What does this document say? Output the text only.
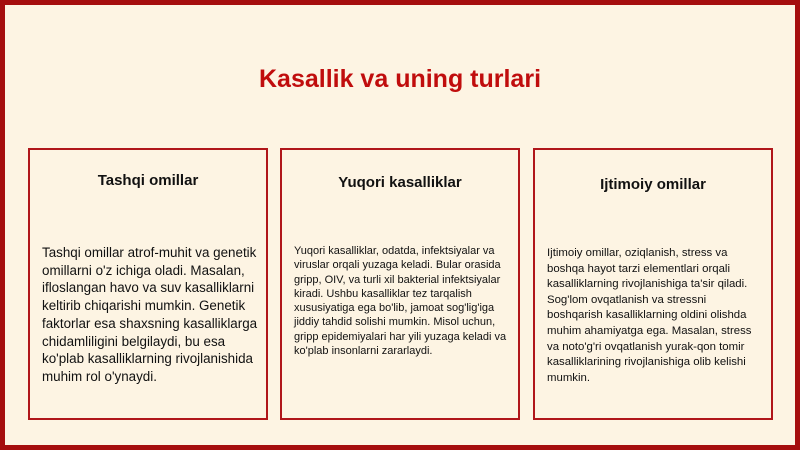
Kasallik va uning turlari
Tashqi omillar
Tashqi omillar atrof-muhit va genetik omillarni o'z ichiga oladi. Masalan, ifloslangan havo va suv kasalliklarni keltirib chiqarishi mumkin. Genetik faktorlar esa shaxsning kasalliklarga chidamliligini belgilaydi, bu esa ko'plab kasalliklarning rivojlanishida muhim rol o'ynaydi.
Yuqori kasalliklar
Yuqori kasalliklar, odatda, infektsiyalar va viruslar orqali yuzaga keladi. Bular orasida gripp, OIV, va turli xil bakterial infektsiyalar kiradi. Ushbu kasalliklar tez tarqalish xususiyatiga ega bo'lib, jamoat sog'lig'iga jiddiy tahdid solishi mumkin. Misol uchun, gripp epidemiyalari har yili yuzaga keladi va ko'plab insonlarni zararlaydi.
Ijtimoiy omillar
Ijtimoiy omillar, oziqlanish, stress va boshqa hayot tarzi elementlari orqali kasalliklarning rivojlanishiga ta'sir qiladi. Sog'lom ovqatlanish va stressni boshqarish kasalliklarning oldini olishda muhim ahamiyatga ega. Masalan, stress va noto'g'ri ovqatlanish yurak-qon tomir kasalliklarining rivojlanishiga olib kelishi mumkin.
